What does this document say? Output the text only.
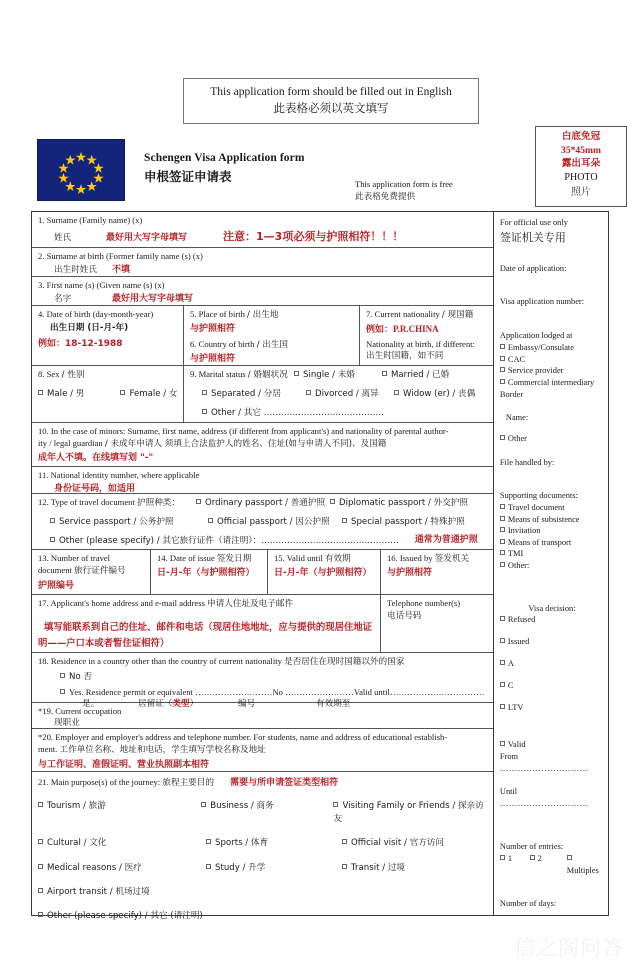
This application form should be filled out in English
此表格必须以英文填写
Schengen Visa Application form
申根签证申请表	This application form is free
此表格免费提供
白底免冠
35*45mm
露出耳朵
PHOTO
照片
1. Surname (Family name) (x)
姓氏	最好用大写字母填写	注意：1—3项必须与护照相符！！！
2. Surname at birth (Former family name (s) (x)
出生时姓氏	不填
3. First name (s) (Given name (s) (x)
名字	最好用大写字母填写
4. Date of birth (day-month-year)
出生日期 (日-月-年)
例如：18-12-1988
5. Place of birth / 出生地
与护照相符
6. Country of birth / 出生国
与护照相符
7. Current nationality / 现国籍
例如：P.R.CHINA
Nationality at birth, if different:
出生时国籍，如不同
8. Sex / 性别
Male / 男	Female / 女
9. Marital status / 婚姻状况	Single / 未婚	Married / 已婚
Separated / 分居	Divorced / 离异	Widow (er) / 丧偶
Other / 其它 ……………………………………
10. In the case of minors: Surname, first name, address (if different from applicant's) and nationality of parental author-
ity / legal guardian / 未成年申请人 须填上合法监护人的姓名、住址(如与申请人不同)、及国籍
成年人不填。在线填写划 "-"
11. National identity number, where applicable
身份证号码，如适用
12. Type of travel document 护照种类：	Ordinary passport / 普通护照	Diplomatic passport / 外交护照
Service passport / 公务护照	Official passport / 因公护照	Special passport / 特殊护照
Other (please specify) / 其它旅行证件（请注明）：………………………………………… 通常为普通护照
13. Number of travel
document 旅行证件编号
护照编号
14. Date of issue 签发日期
日-月-年（与护照相符）
15. Valid until 有效期
日-月-年（与护照相符）
16. Issued by 签发机关
与护照相符
17. Applicant's home address and e-mail address 申请人住址及电子邮件
填写能联系到自己的住址、邮件和电话（现居住地地址，应与提供的现居住地证
明——户口本或者暂住证相符）
Telephone number(s)
电话号码
18. Residence in a country other than the country of current nationality 是否居住在现时国籍以外的国家
No 否
Yes. Residence permit or equivalent ………………………No ……………………Valid until……………………………
是。	居留证（类型）	编号	有效期至
*19. Current occupation
现职业
*20. Employer and employer's address and telephone number. For students, name and address of educational establish-
ment. 工作单位名称、地址和电话，学生填写学校名称及地址
与工作证明、准假证明、营业执照副本相符
21. Main purpose(s) of the journey: 旅程主要目的 需要与所申请签证类型相符
Tourism / 旅游	Business / 商务	Visiting Family or Friends / 探亲访友
Cultural / 文化	Sports / 体育	Official visit / 官方访问
Medical reasons / 医疗	Study / 升学	Transit / 过境
Airport transit / 机场过境
Other (please specify) / 其它 (请注明)
For official use only
签证机关专用
Date of application:
Visa application number:
Application lodged at
Embassy/Consulate
CAC
Service provider
Commercial intermediary
Border
Name:
Other
File handled by:
Supporting documents:
Travel document
Means of subsistence
Invitation
Means of transport
TMI
Other:
Visa decision:
Refused
Issued
A
C
LTV
Valid
From …………………………
Until …………………………
Number of entries:
1	2
Multiples
Number of days:
信之阁问答
